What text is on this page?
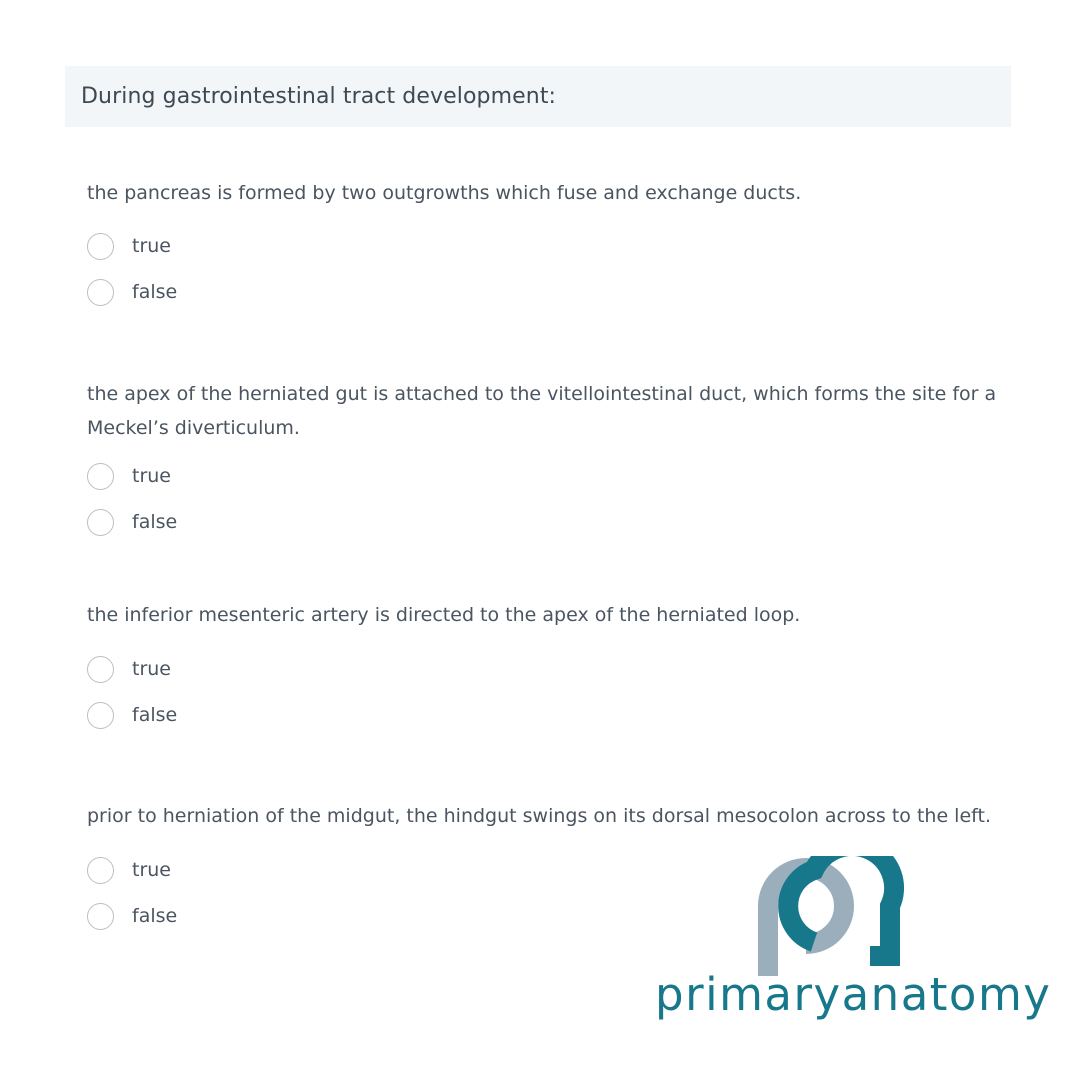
During gastrointestinal tract development:

the pancreas is formed by two outgrowths which fuse and exchange ducts.

true
false

the apex of the herniated gut is attached to the vitellointestinal duct, which forms the site for a Meckel’s diverticulum.

true
false

the inferior mesenteric artery is directed to the apex of the herniated loop.

true
false

prior to herniation of the midgut, the hindgut swings on its dorsal mesocolon across to the left.

true
false
primaryanatomy
